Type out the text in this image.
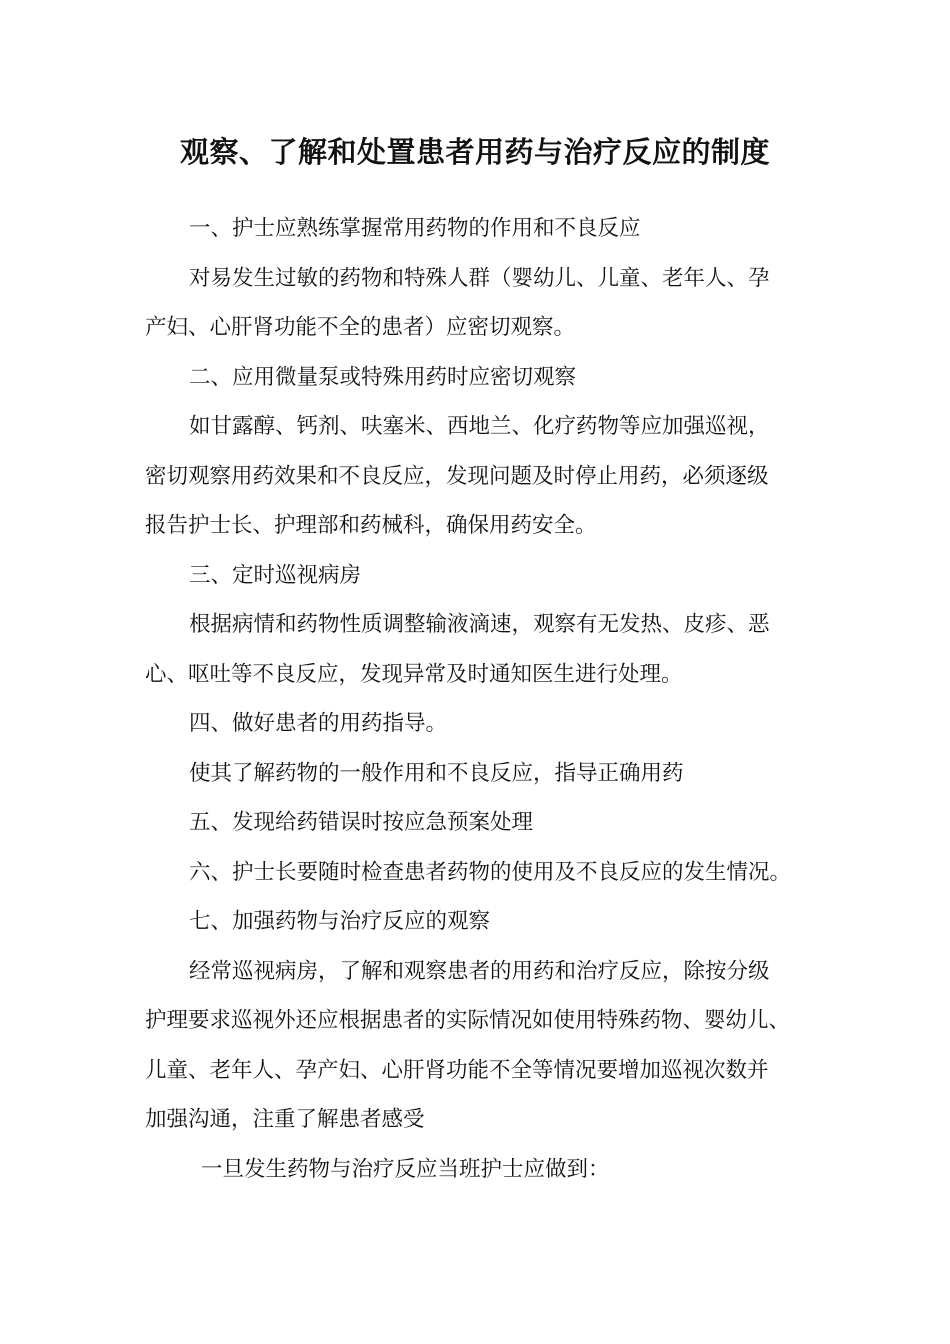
观察、了解和处置患者用药与治疗反应的制度

一、护士应熟练掌握常用药物的作用和不良反应

对易发生过敏的药物和特殊人群（婴幼儿、儿童、老年人、孕
产妇、心肝肾功能不全的患者）应密切观察。

二、应用微量泵或特殊用药时应密切观察

如甘露醇、钙剂、呋塞米、西地兰、化疗药物等应加强巡视，
密切观察用药效果和不良反应，发现问题及时停止用药，必须逐级
报告护士长、护理部和药械科，确保用药安全。

三、定时巡视病房

根据病情和药物性质调整输液滴速，观察有无发热、皮疹、恶
心、呕吐等不良反应，发现异常及时通知医生进行处理。

四、做好患者的用药指导。

使其了解药物的一般作用和不良反应，指导正确用药

五、发现给药错误时按应急预案处理

六、护士长要随时检查患者药物的使用及不良反应的发生情况。

七、加强药物与治疗反应的观察

经常巡视病房，了解和观察患者的用药和治疗反应，除按分级
护理要求巡视外还应根据患者的实际情况如使用特殊药物、婴幼儿、
儿童、老年人、孕产妇、心肝肾功能不全等情况要增加巡视次数并
加强沟通，注重了解患者感受

一旦发生药物与治疗反应当班护士应做到：
